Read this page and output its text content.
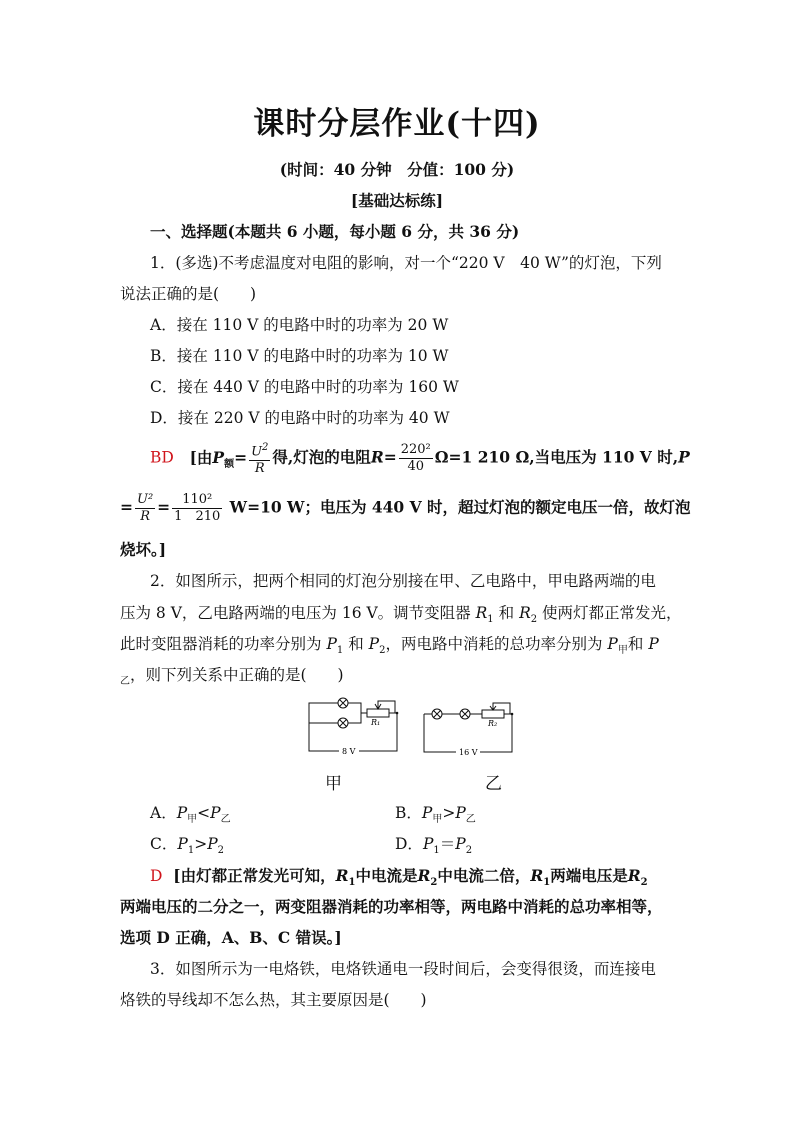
课时分层作业(十四)
(时间：40 分钟　分值：100 分)
[基础达标练]
一、选择题(本题共 6 小题，每小题 6 分，共 36 分)
1．(多选)不考虑温度对电阻的影响，对一个“220 V　40 W”的灯泡，下列
说法正确的是(　　)
A．接在 110 V 的电路中时的功率为 20 W
B．接在 110 V 的电路中时的功率为 10 W
C．接在 440 V 的电路中时的功率为 160 W
D．接在 220 V 的电路中时的功率为 40 W
BD [由$P_额= \frac{U^2}{R}$ 得,灯泡的电阻$R= \frac{\text{220²}}{40} \Omega=1$ 210 Ω,当电压为 110 V 时,P
= $\frac{\text{U²}}{R} = \frac{\text{110²}}{1 210} W=10$ W；电压为 440 V 时，超过灯泡的额定电压一倍，故灯泡
烧坏。]
2．如图所示，把两个相同的灯泡分别接在甲、乙电路中，甲电路两端的电
压为 8 V，乙电路两端的电压为 16 V。调节变阻器 $R_1$ 和 $R_2$ 使两灯都正常发光，
此时变阻器消耗的功率分别为 $P_1$ 和 $P_2$，两电路中消耗的总功率分别为 $P_甲$和 P
$_乙$，则下列关系中正确的是(　　)
R₁
8 V
R₂
16 V
甲	乙
A．$P_甲<P_乙$	B．$P_甲>P_乙$
C．$P_1>P_2$	D．$P_1=P_2$
D [由灯都正常发光可知，$R_1$中电流是$R_2$中电流二倍，$R_1$两端电压是$R_2$
两端电压的二分之一，两变阻器消耗的功率相等，两电路中消耗的总功率相等，
选项 D 正确，A、B、C 错误。]
3．如图所示为一电烙铁，电烙铁通电一段时间后，会变得很烫，而连接电
烙铁的导线却不怎么热，其主要原因是(　　)
